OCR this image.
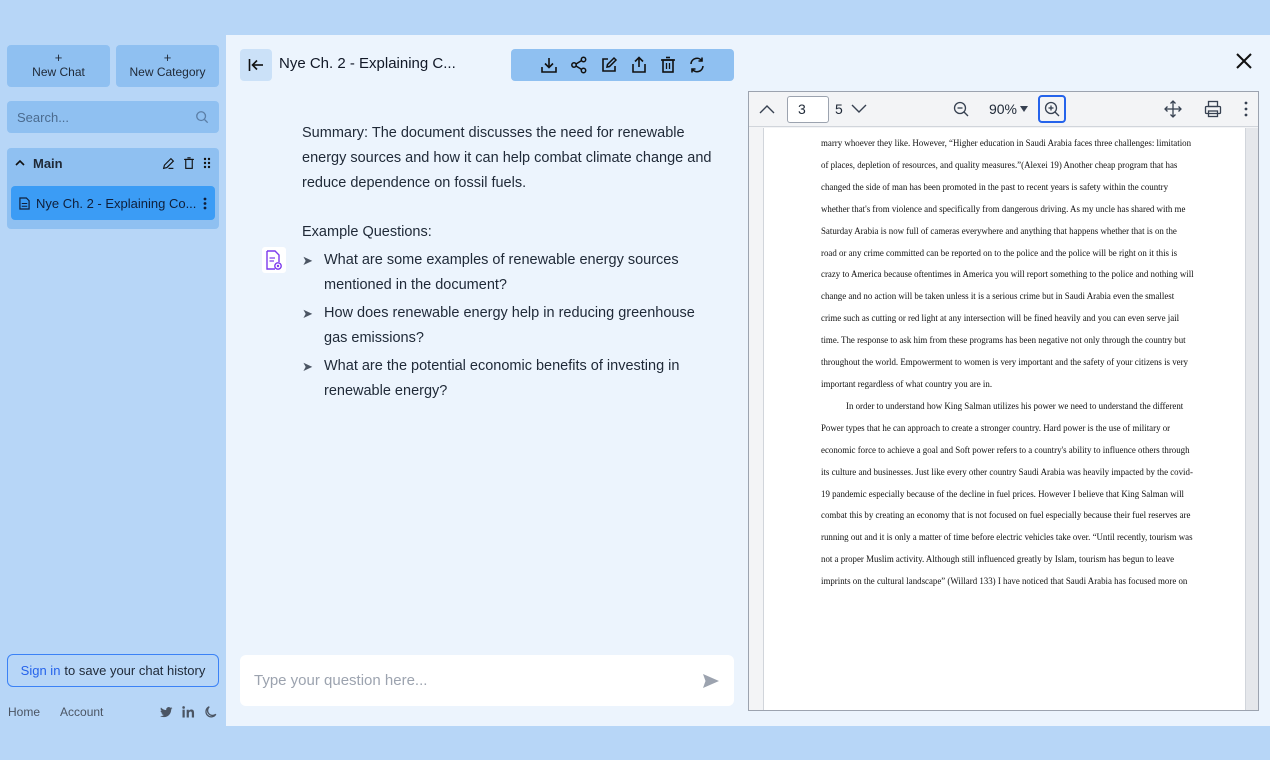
+
New Chat
+
New Category
Search...
Main
Nye Ch. 2 - Explaining Co...
Sign in to save your chat history
Home Account
Nye Ch. 2 - Explaining C...
Summary: The document discusses the need for renewable energy sources and how it can help combat climate change and reduce dependence on fossil fuels.
Example Questions:
➤ What are some examples of renewable energy sources mentioned in the document?
➤ How does renewable energy help in reducing greenhouse gas emissions?
➤ What are the potential economic benefits of investing in renewable energy?
Type your question here...
3	5	90%

marry whoever they like. However, “Higher education in Saudi Arabia faces three challenges: limitation of places, depletion of resources, and quality measures.”(Alexei 19) Another cheap program that has changed the side of man has been promoted in the past to recent years is safety within the country whether that's from violence and specifically from dangerous driving. As my uncle has shared with me Saturday Arabia is now full of cameras everywhere and anything that happens whether that is on the road or any crime committed can be reported on to the police and the police will be right on it this is crazy to America because oftentimes in America you will report something to the police and nothing will change and no action will be taken unless it is a serious crime but in Saudi Arabia even the smallest crime such as cutting or red light at any intersection will be fined heavily and you can even serve jail time. The response to ask him from these programs has been negative not only through the country but throughout the world. Empowerment to women is very important and the safety of your citizens is very important regardless of what country you are in.

In order to understand how King Salman utilizes his power we need to understand the different Power types that he can approach to create a stronger country. Hard power is the use of military or economic force to achieve a goal and Soft power refers to a country's ability to influence others through its culture and businesses. Just like every other country Saudi Arabia was heavily impacted by the covid-19 pandemic especially because of the decline in fuel prices. However I believe that King Salman will combat this by creating an economy that is not focused on fuel especially because their fuel reserves are running out and it is only a matter of time before electric vehicles take over. “Until recently, tourism was not a proper Muslim activity. Although still influenced greatly by Islam, tourism has begun to leave imprints on the cultural landscape” (Willard 133) I have noticed that Saudi Arabia has focused more on
